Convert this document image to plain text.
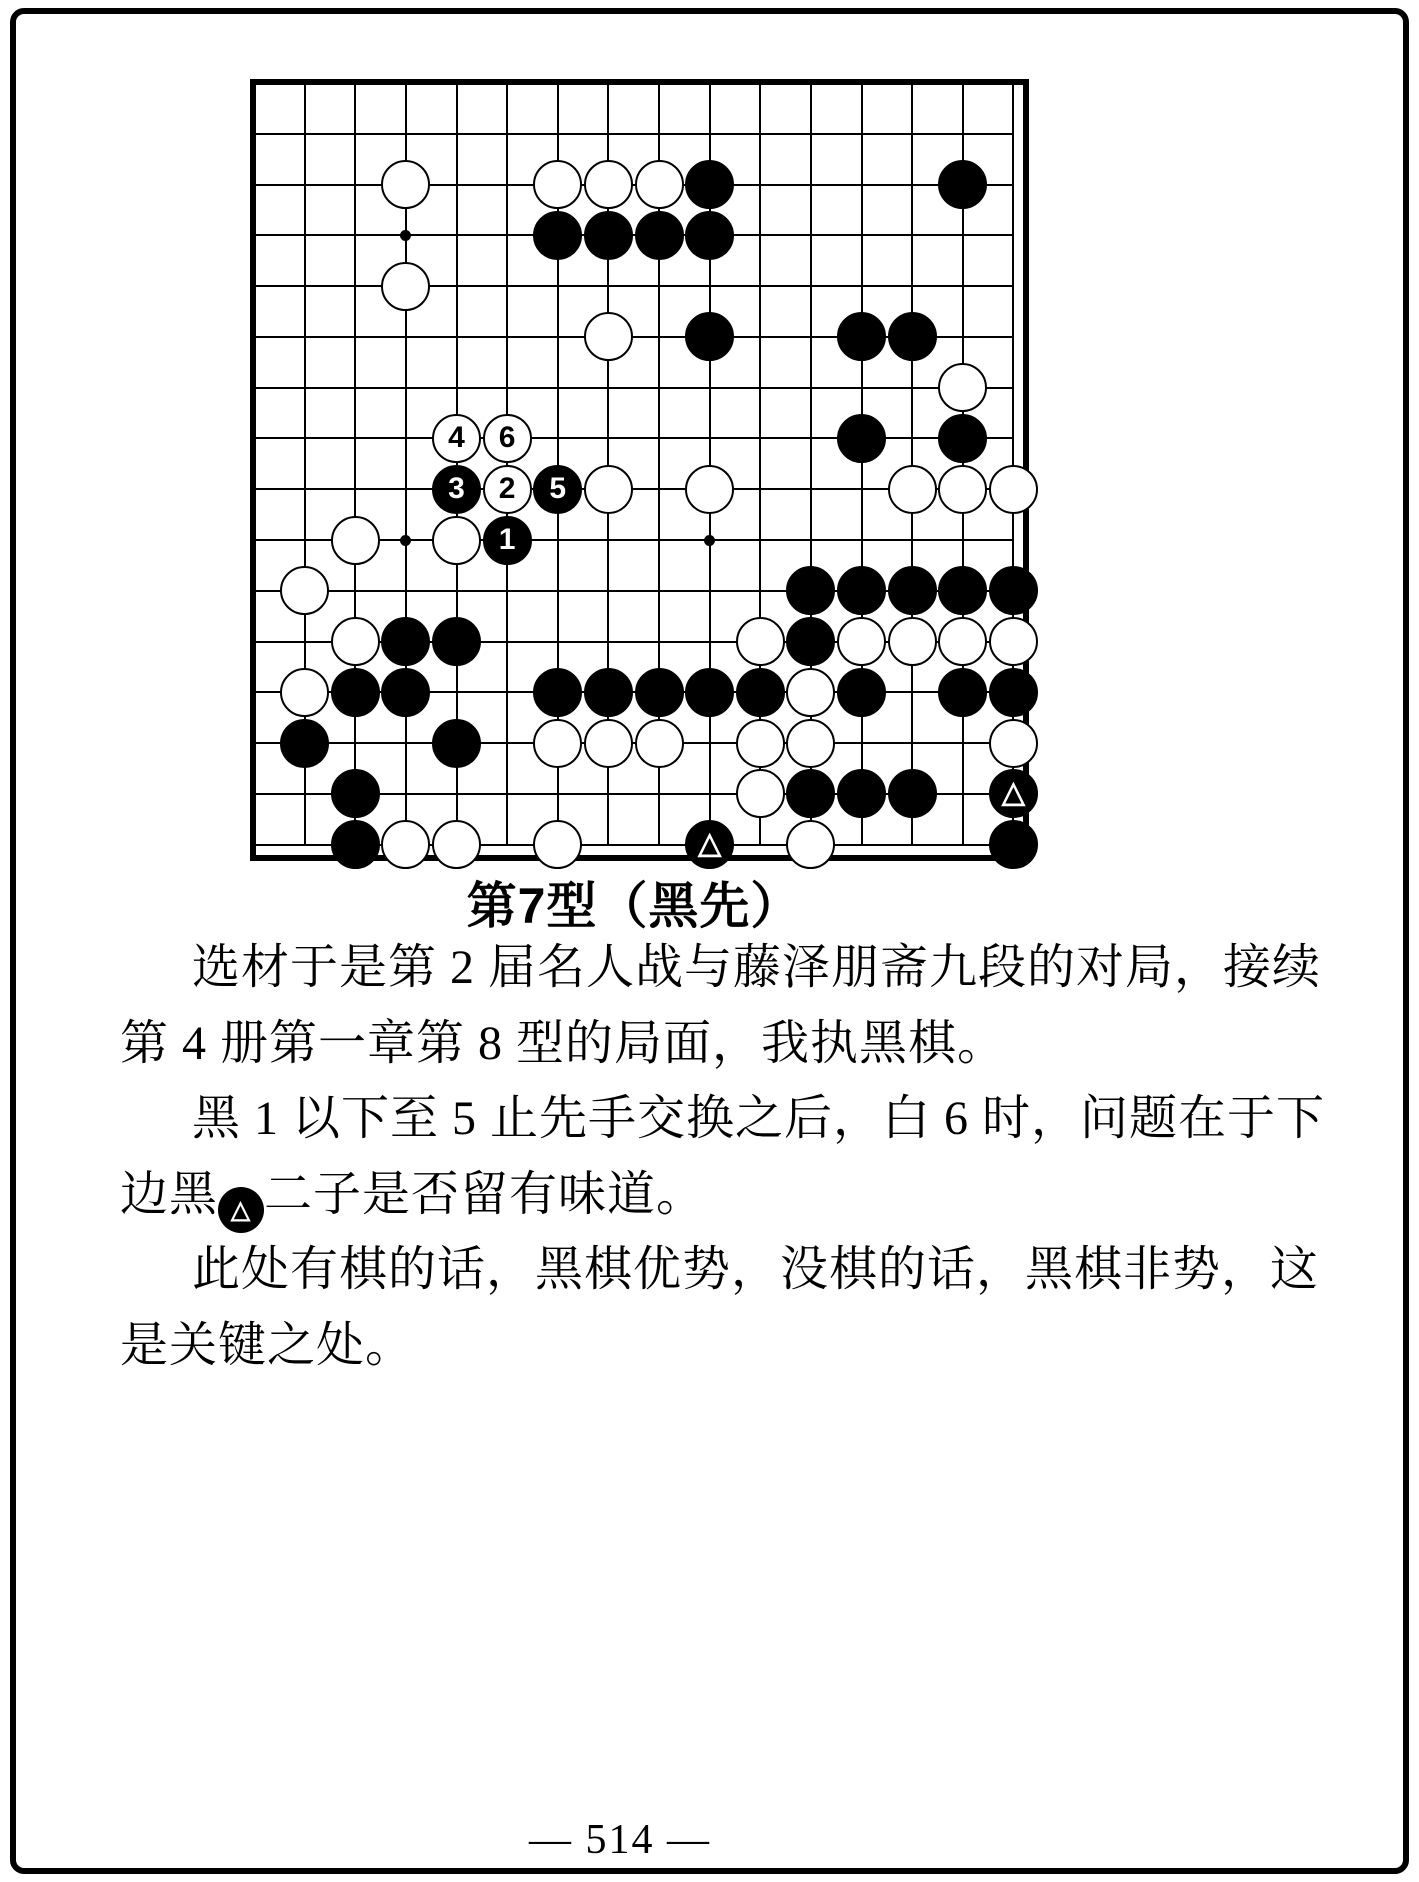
4	6
3	2	5
1
△
△
第7型（黑先）
选材于是第 2 届名人战与藤泽朋斋九段的对局，接续
第 4 册第一章第 8 型的局面，我执黑棋。
黑 1 以下至 5 止先手交换之后，白 6 时，问题在于下
边黑 △ 二子是否留有味道。
此处有棋的话，黑棋优势，没棋的话，黑棋非势，这
是关键之处。
— 514 —
